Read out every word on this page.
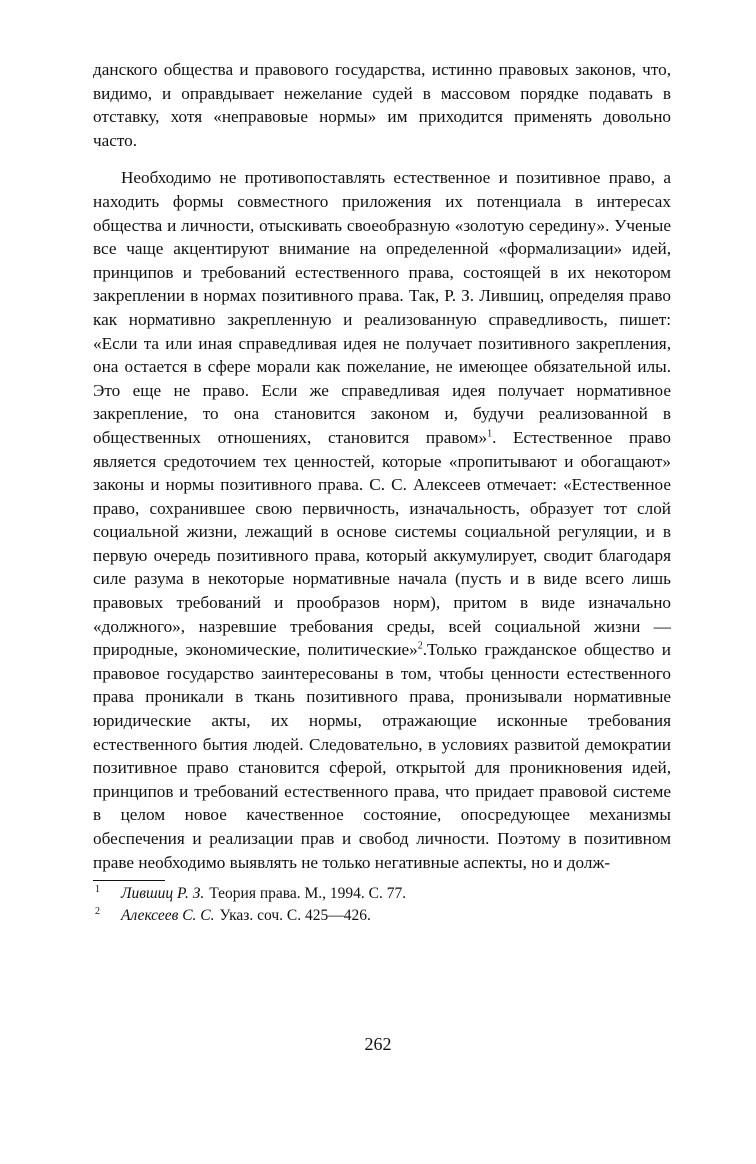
данского общества и правового государства, истинно правовых законов, что, видимо, и оправдывает нежелание судей в массовом порядке подавать в отставку, хотя «неправовые нормы» им приходится применять довольно часто.

Необходимо не противопоставлять естественное и позитивное право, а находить формы совместного приложения их потенциала в интересах общества и личности, отыскивать своеобразную «золотую середину». Ученые все чаще акцентируют внимание на определенной «формализации» идей, принципов и требований естественного права, состоящей в их некотором закреплении в нормах позитивного права. Так, Р. З. Лившиц, определяя право как нормативно закрепленную и реализованную справедливость, пишет: «Если та или иная справедливая идея не получает позитивного закрепления, она остается в сфере морали как пожелание, не имеющее обязательной илы. Это еще не право. Если же справедливая идея получает нормативное закрепление, то она становится законом и, будучи реализованной в общественных отношениях, становится правом»$^1$. Естественное право является средоточием тех ценностей, которые «пропитывают и обогащают» законы и нормы позитивного права. С. С. Алексеев отмечает: «Естественное право, сохранившее свою первичность, изначальность, образует тот слой социальной жизни, лежащий в основе системы социальной регуляции, и в первую очередь позитивного права, который аккумулирует, сводит благодаря силе разума в некоторые нормативные начала (пусть и в виде всего лишь правовых требований и прообразов норм), притом в виде изначально «должного», назревшие требования среды, всей социальной жизни — природные, экономические, политические»$^2$.Только гражданское общество и правовое государство заинтересованы в том, чтобы ценности естественного права проникали в ткань позитивного права, пронизывали нормативные юридические акты, их нормы, отражающие исконные требования естественного бытия людей. Следовательно, в условиях развитой демократии позитивное право становится сферой, открытой для проникновения идей, принципов и требований естественного права, что придает правовой системе в целом новое качественное состояние, опосредующее механизмы обеспечения и реализации прав и свобод личности. Поэтому в позитивном праве необходимо выявлять не только негативные аспекты, но и долж-

1	Лившиц Р. З. Теория права. М., 1994. С. 77.
2	Алексеев С. С. Указ. соч. С. 425—426.
262
